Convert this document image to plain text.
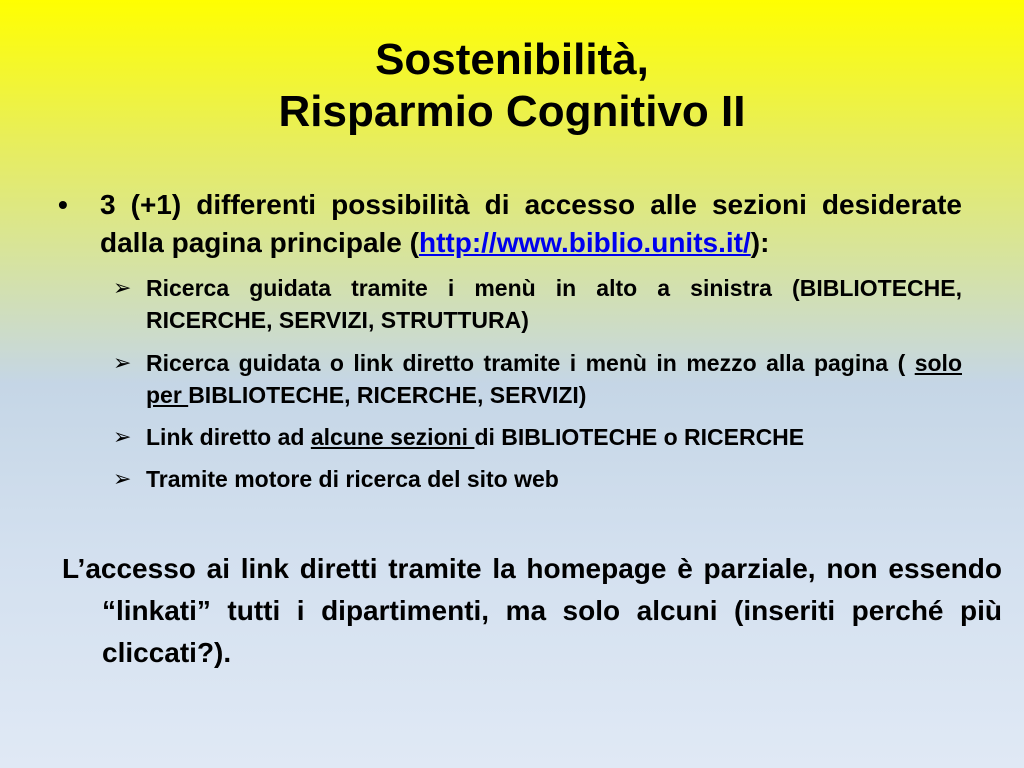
Sostenibilità,
Risparmio Cognitivo II
• 3 (+1) differenti possibilità di accesso alle sezioni desiderate dalla pagina principale (http://www.biblio.units.it/):
➢ Ricerca guidata tramite i menù in alto a sinistra (BIBLIOTECHE, RICERCHE, SERVIZI, STRUTTURA)
➢ Ricerca guidata o link diretto tramite i menù in mezzo alla pagina ( solo per BIBLIOTECHE, RICERCHE, SERVIZI)
➢ Link diretto ad alcune sezioni di BIBLIOTECHE o RICERCHE
➢ Tramite motore di ricerca del sito web
L’accesso ai link diretti tramite la homepage è parziale, non essendo “linkati” tutti i dipartimenti, ma solo alcuni (inseriti perché più cliccati?).
